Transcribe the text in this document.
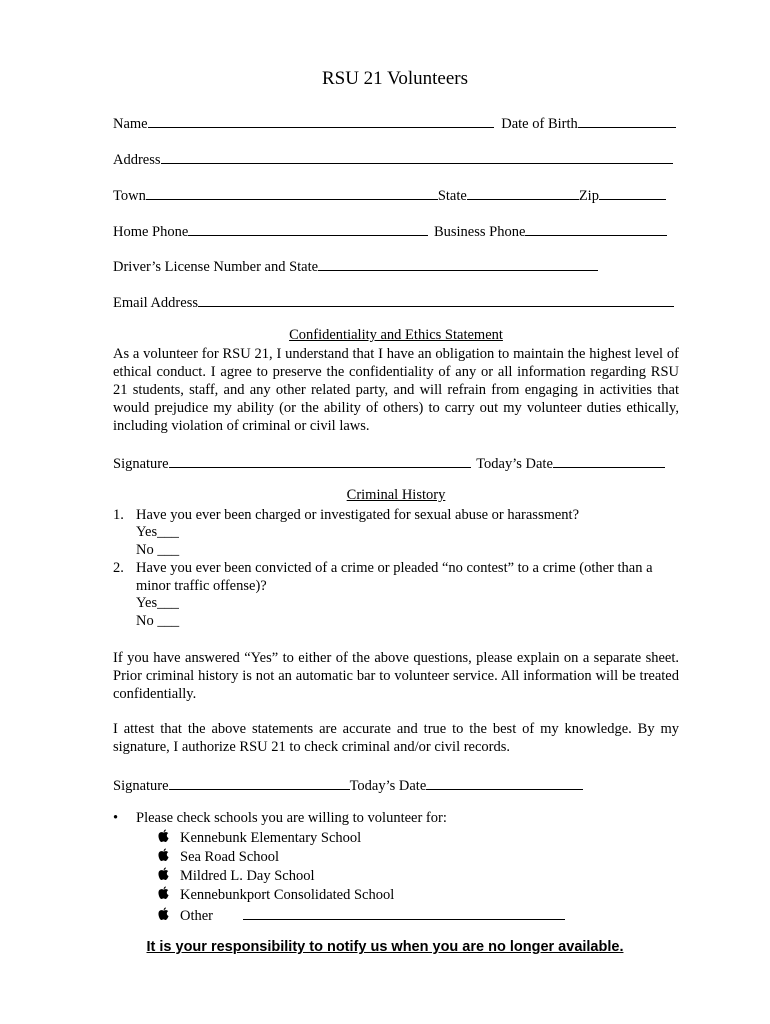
RSU 21 Volunteers
Name	Date of Birth
Address
Town	State	Zip
Home Phone	Business Phone
Driver’s License Number and State
Email Address
Confidentiality and Ethics Statement
As a volunteer for RSU 21, I understand that I have an obligation to maintain the highest level of ethical conduct. I agree to preserve the confidentiality of any or all information regarding RSU 21 students, staff, and any other related party, and will refrain from engaging in activities that would prejudice my ability (or the ability of others) to carry out my volunteer duties ethically, including violation of criminal or civil laws.
Signature	Today’s Date
Criminal History
1. Have you ever been charged or investigated for sexual abuse or harassment?
Yes___
No ___
2. Have you ever been convicted of a crime or pleaded “no contest” to a crime (other than a minor traffic offense)?
Yes___
No ___
If you have answered “Yes” to either of the above questions, please explain on a separate sheet. Prior criminal history is not an automatic bar to volunteer service. All information will be treated confidentially.
I attest that the above statements are accurate and true to the best of my knowledge. By my signature, I authorize RSU 21 to check criminal and/or civil records.
Signature	Today’s Date
• Please check schools you are willing to volunteer for:
Kennebunk Elementary School
Sea Road School
Mildred L. Day School
Kennebunkport Consolidated School
Other
It is your responsibility to notify us when you are no longer available.
